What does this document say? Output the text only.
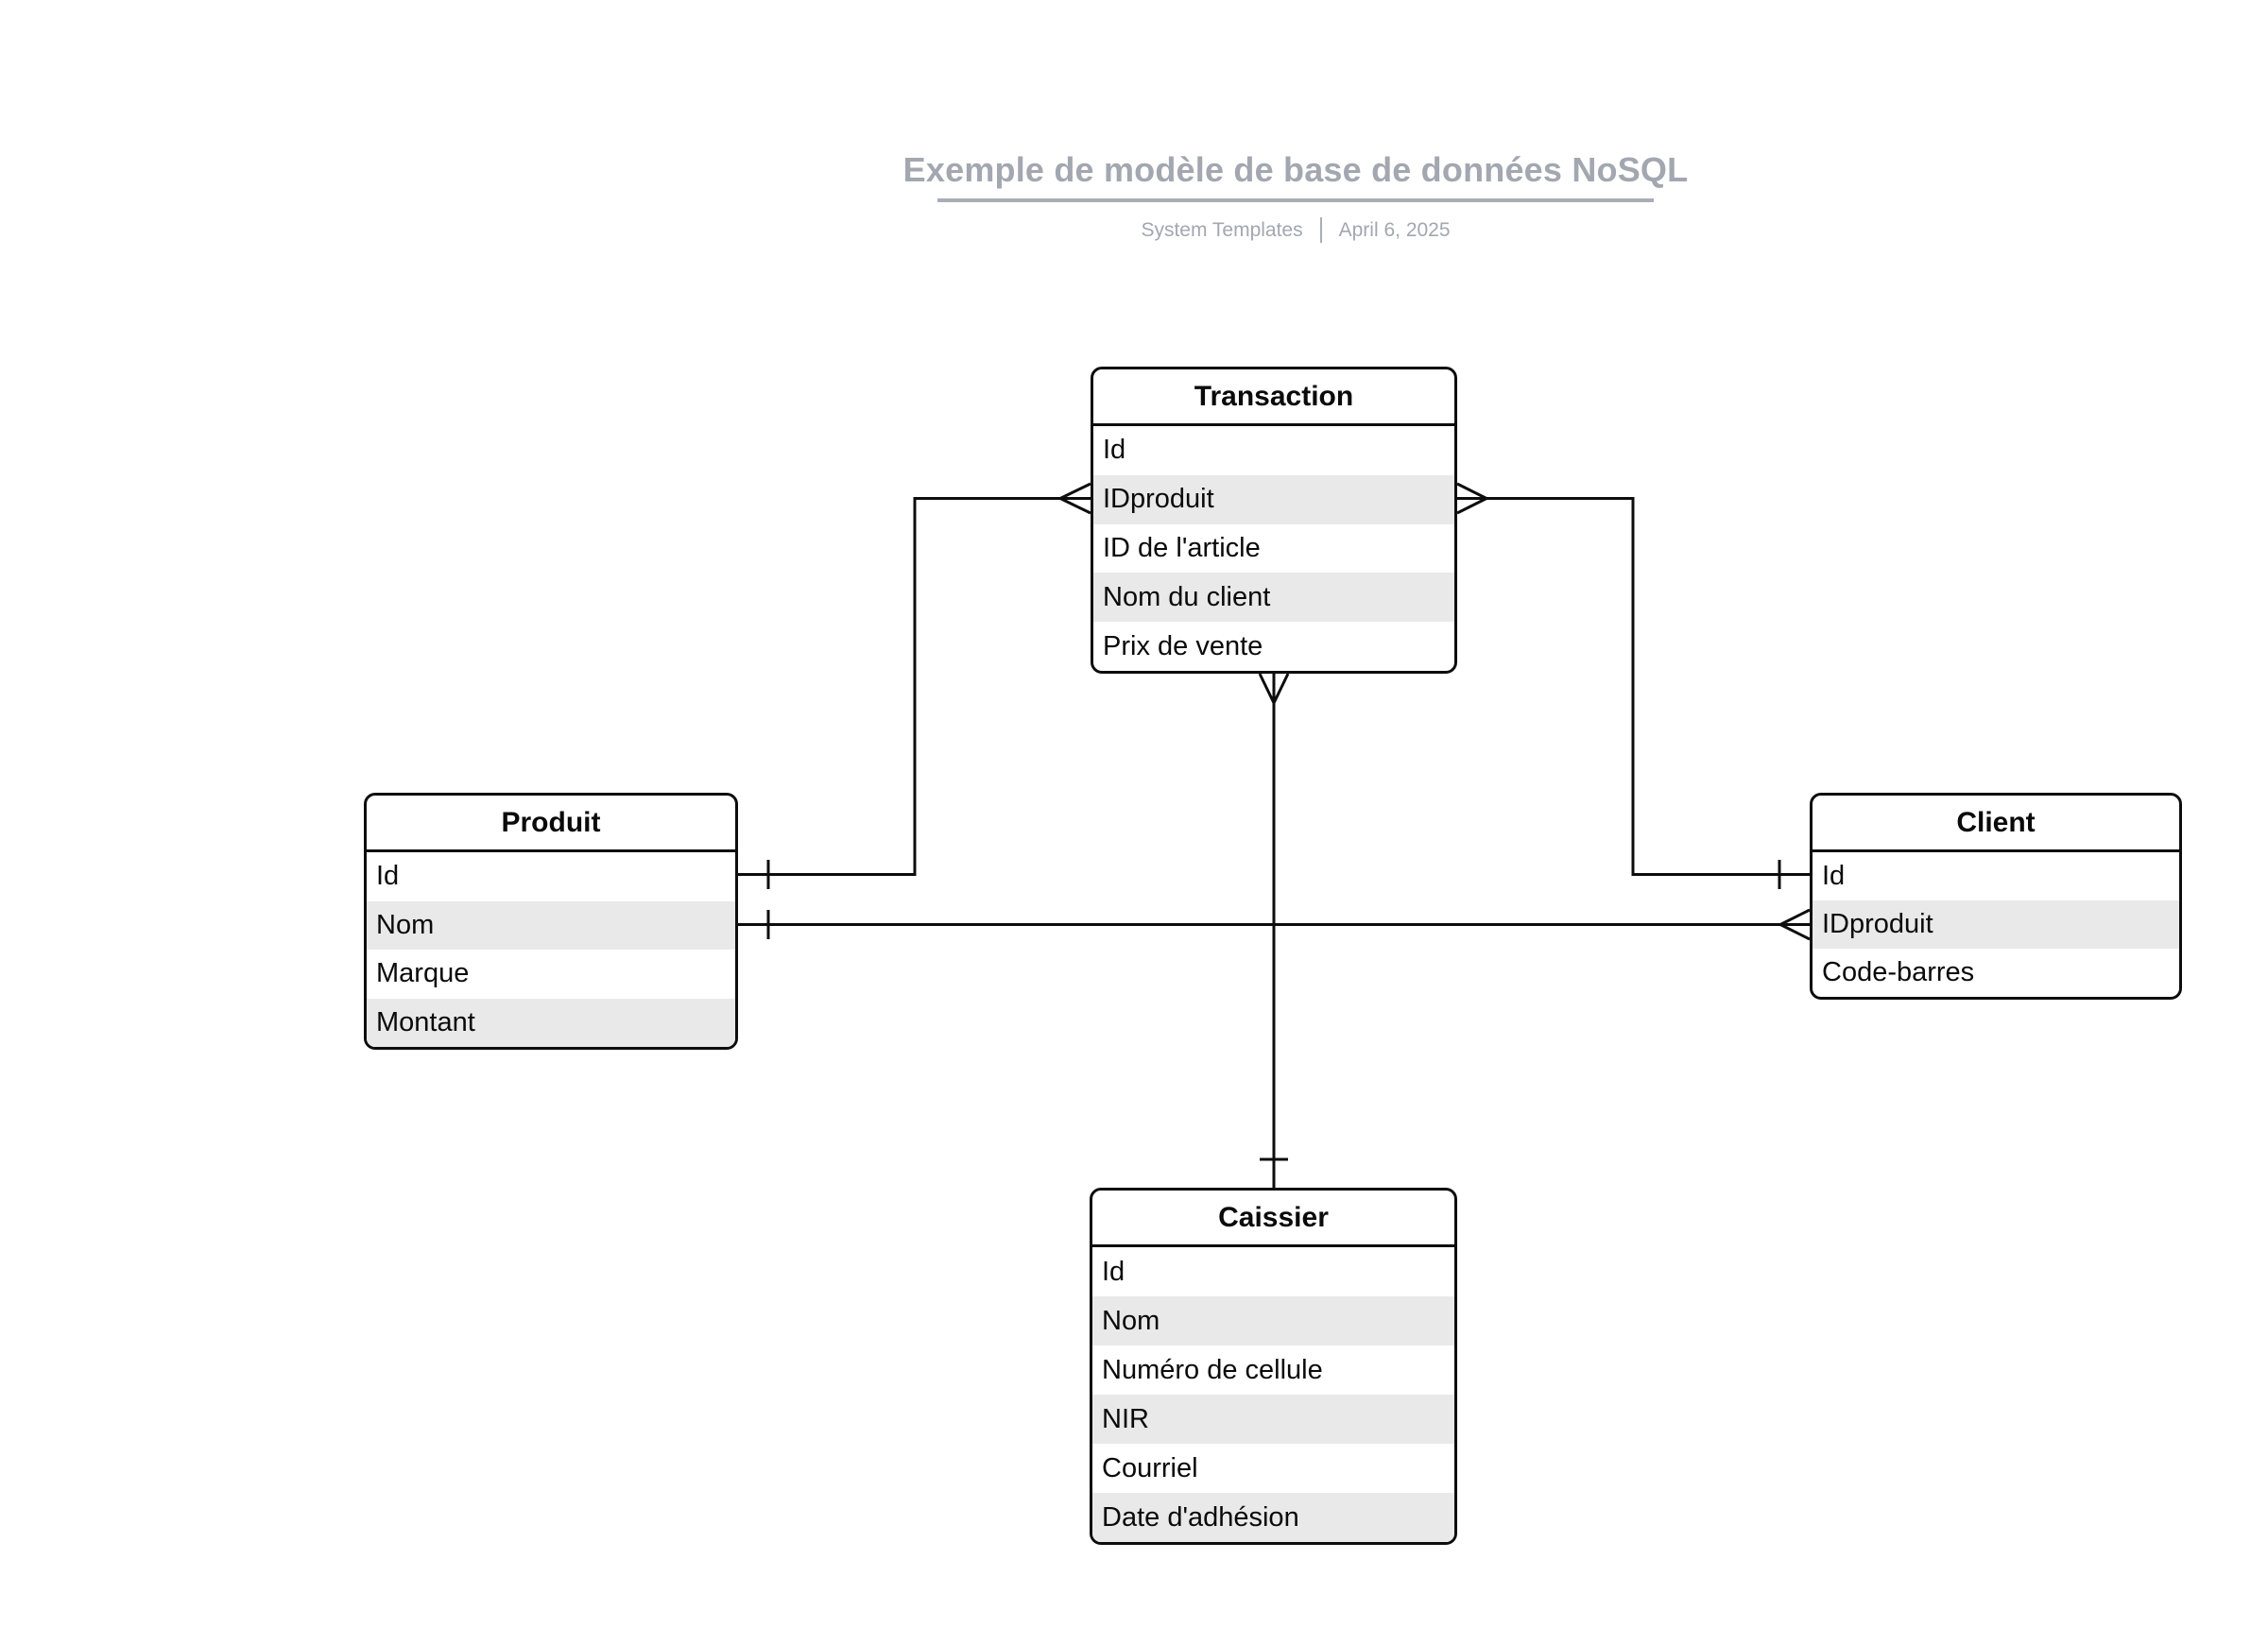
Exemple de modèle de base de données NoSQL
System Templates April 6, 2025
Transaction
Id
IDproduit
ID de l'article
Nom du client
Prix de vente
Produit
Id
Nom
Marque
Montant
Client
Id
IDproduit
Code-barres
Caissier
Id
Nom
Numéro de cellule
NIR
Courriel
Date d'adhésion
